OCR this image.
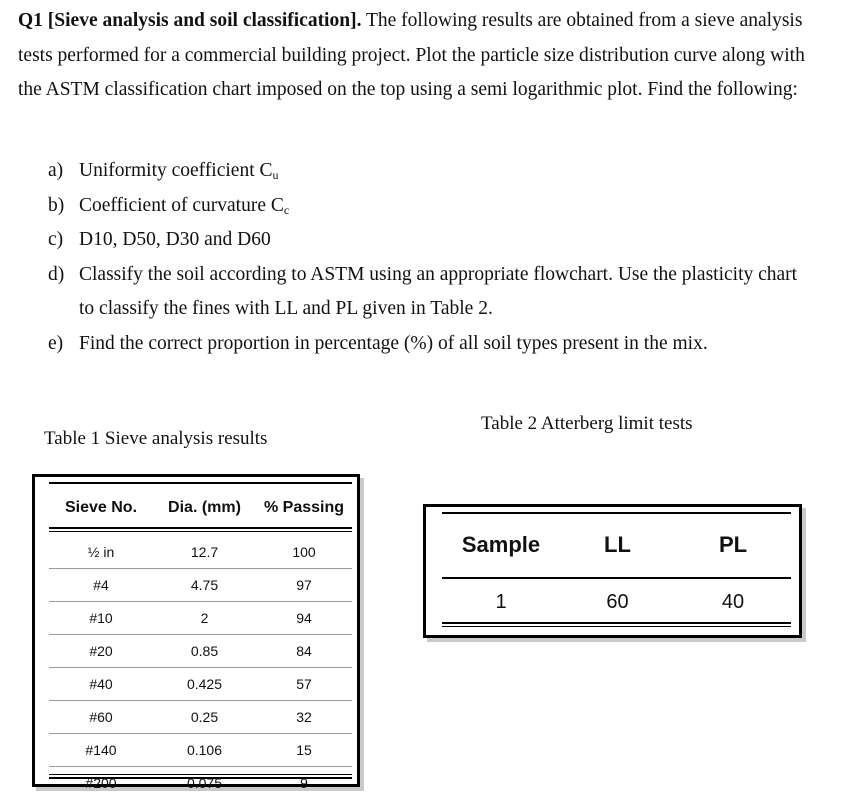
Q1 [Sieve analysis and soil classification]. The following results are obtained from a sieve analysis tests performed for a commercial building project. Plot the particle size distribution curve along with the ASTM classification chart imposed on the top using a semi logarithmic plot. Find the following:
a) Uniformity coefficient $C_u$
b) Coefficient of curvature $C_c$
c) D10, D50, D30 and D60
d) Classify the soil according to ASTM using an appropriate flowchart. Use the plasticity chart to classify the fines with LL and PL given in Table 2.
e) Find the correct proportion in percentage (%) of all soil types present in the mix.
Table 1 Sieve analysis results
Table 2 Atterberg limit tests
Sieve No.	Dia. (mm)	% Passing
½ in	12.7	100
#4	4.75	97
#10	2	94
#20	0.85	84
#40	0.425	57
#60	0.25	32
#140	0.106	15
#200	0.075	9
Sample	LL	PL
1	60	40
